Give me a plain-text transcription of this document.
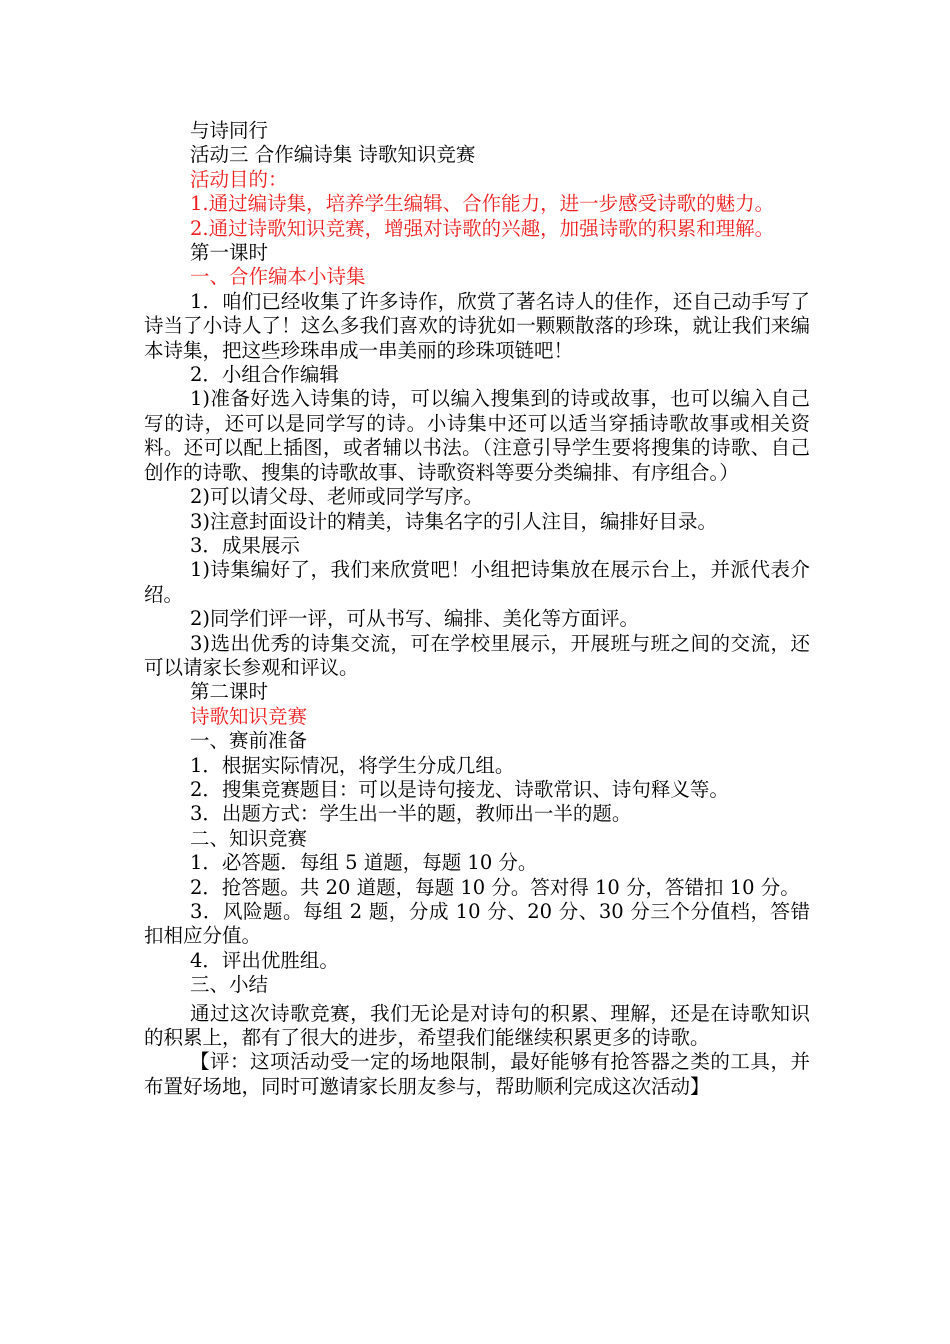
与诗同行

活动三 合作编诗集 诗歌知识竞赛

活动目的：

1.通过编诗集，培养学生编辑、合作能力，进一步感受诗歌的魅力。

2.通过诗歌知识竞赛，增强对诗歌的兴趣，加强诗歌的积累和理解。

第一课时

一、合作编本小诗集

1．咱们已经收集了许多诗作，欣赏了著名诗人的佳作，还自己动手写了诗当了小诗人了！这么多我们喜欢的诗犹如一颗颗散落的珍珠，就让我们来编本诗集，把这些珍珠串成一串美丽的珍珠项链吧！

2．小组合作编辑

1)准备好选入诗集的诗，可以编入搜集到的诗或故事，也可以编入自己写的诗，还可以是同学写的诗。小诗集中还可以适当穿插诗歌故事或相关资料。还可以配上插图，或者辅以书法。（注意引导学生要将搜集的诗歌、自己创作的诗歌、搜集的诗歌故事、诗歌资料等要分类编排、有序组合。）

2)可以请父母、老师或同学写序。

3)注意封面设计的精美，诗集名字的引人注目，编排好目录。

3．成果展示

1)诗集编好了，我们来欣赏吧！小组把诗集放在展示台上，并派代表介绍。

2)同学们评一评，可从书写、编排、美化等方面评。

3)选出优秀的诗集交流，可在学校里展示，开展班与班之间的交流，还可以请家长参观和评议。

第二课时

诗歌知识竞赛

一、赛前准备

1．根据实际情况，将学生分成几组。

2．搜集竞赛题目：可以是诗句接龙、诗歌常识、诗句释义等。

3．出题方式：学生出一半的题，教师出一半的题。

二、知识竞赛

1．必答题．每组 5 道题，每题 10 分。

2．抢答题。共 20 道题，每题 10 分。答对得 10 分，答错扣 10 分。

3．风险题。每组 2 题，分成 10 分、20 分、30 分三个分值档，答错扣相应分值。

4．评出优胜组。

三、小结

通过这次诗歌竞赛，我们无论是对诗句的积累、理解，还是在诗歌知识的积累上，都有了很大的进步，希望我们能继续积累更多的诗歌。

【评：这项活动受一定的场地限制，最好能够有抢答器之类的工具，并布置好场地，同时可邀请家长朋友参与，帮助顺利完成这次活动】
